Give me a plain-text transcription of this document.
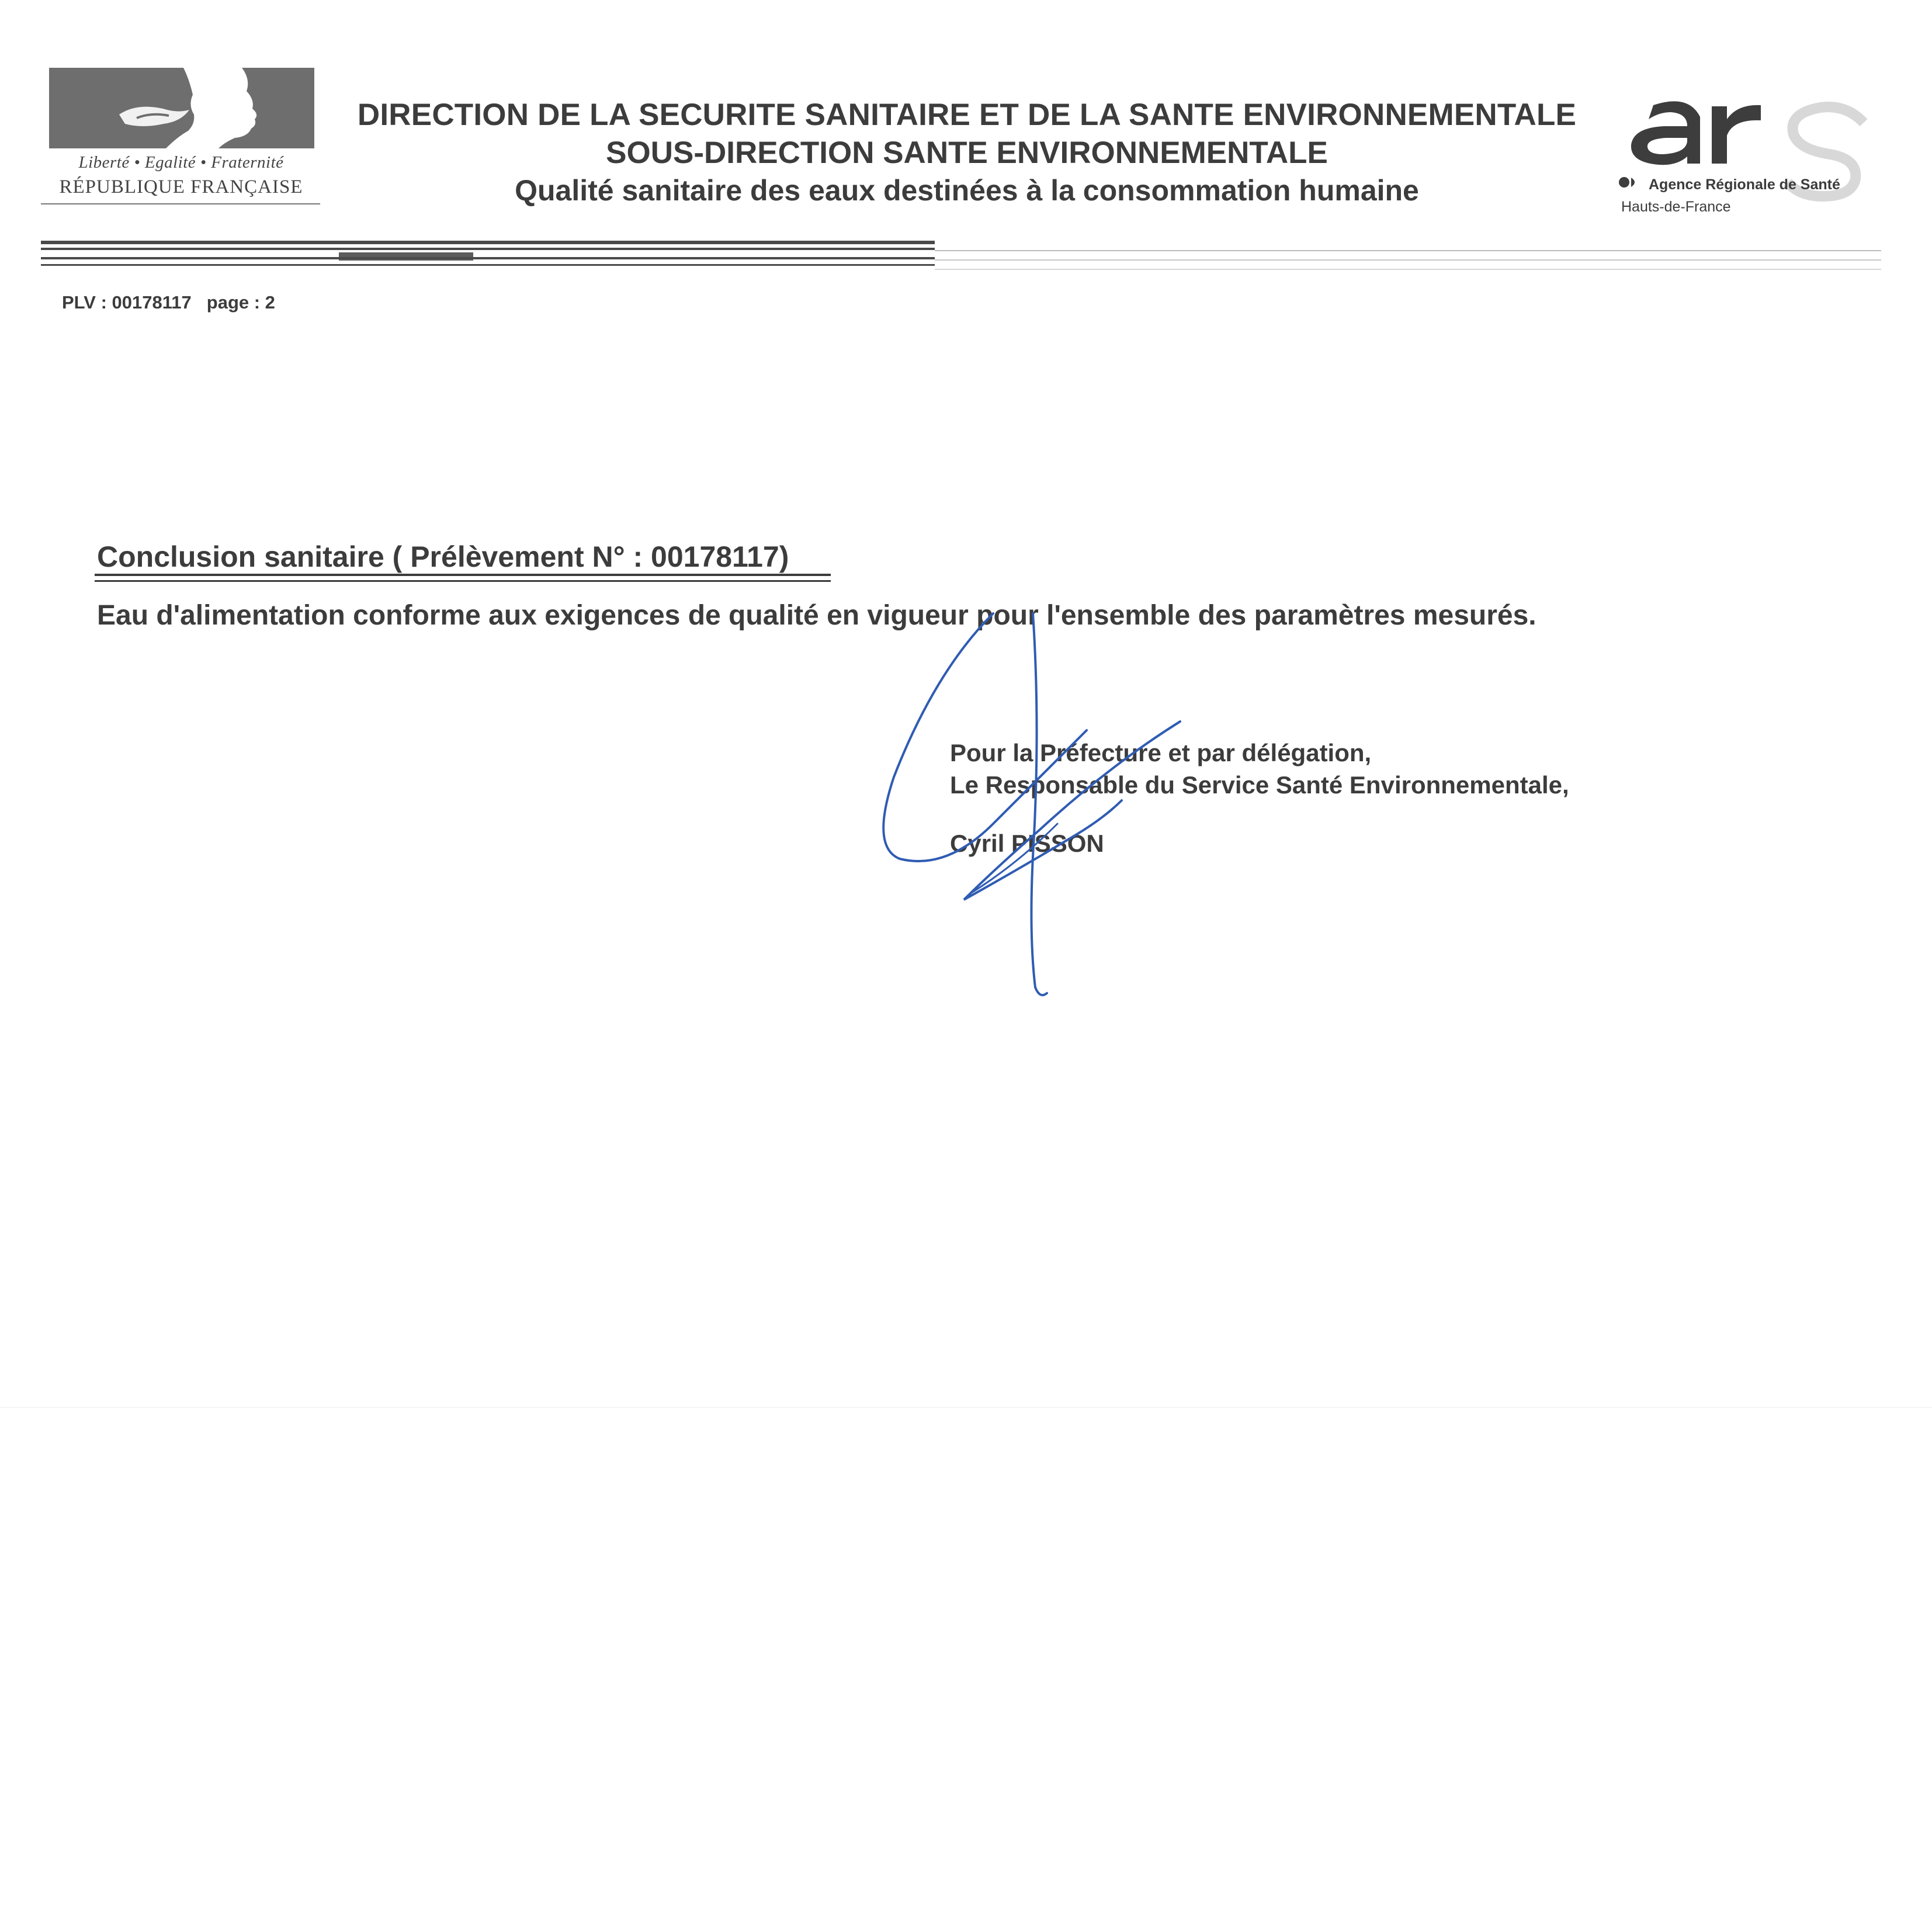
Liberté • Egalité • Fraternité
RÉPUBLIQUE FRANÇAISE
DIRECTION DE LA SECURITE SANITAIRE ET DE LA SANTE ENVIRONNEMENTALE
SOUS-DIRECTION SANTE ENVIRONNEMENTALE
Qualité sanitaire des eaux destinées à la consommation humaine	Agence Régionale de Santé
Hauts-de-France
PLV : 00178117 page : 2
Conclusion sanitaire ( Prélèvement N° : 00178117)
Eau d'alimentation conforme aux exigences de qualité en vigueur pour l'ensemble des paramètres mesurés.
Pour la Préfecture et par délégation,
Le Responsable du Service Santé Environnementale,
Cyril PISSON
